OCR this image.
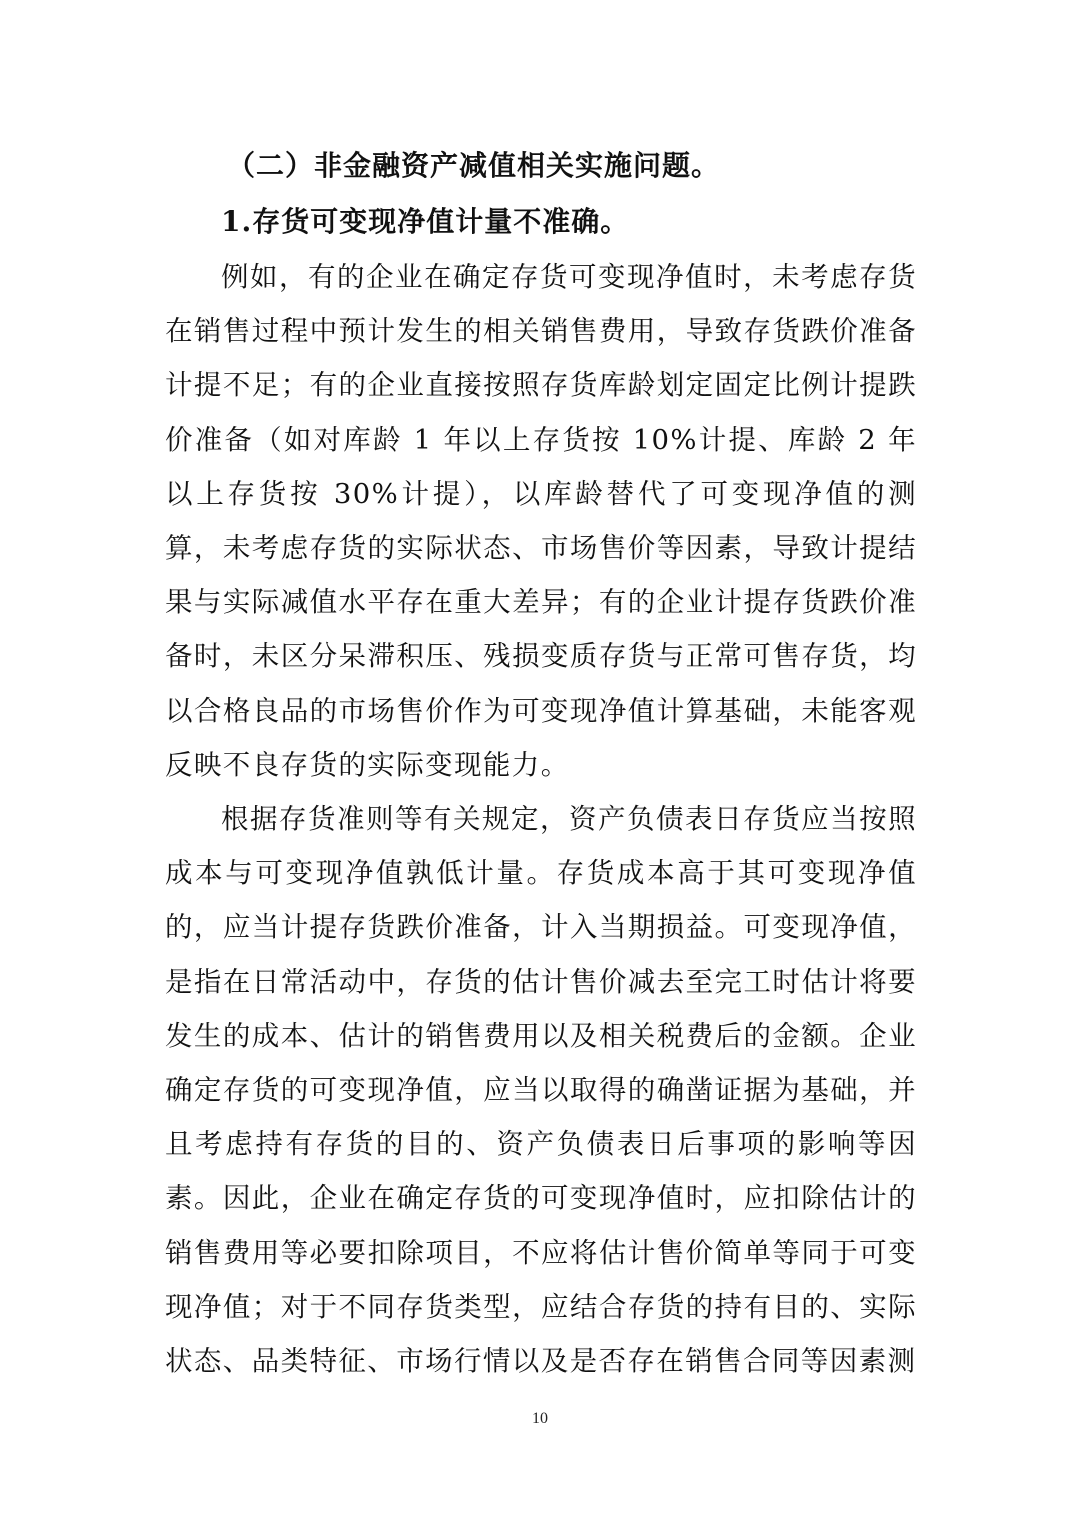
（二）非金融资产减值相关实施问题。
1.存货可变现净值计量不准确。

例如，有的企业在确定存货可变现净值时，未考虑存货在销售过程中预计发生的相关销售费用，导致存货跌价准备计提不足；有的企业直接按照存货库龄划定固定比例计提跌价准备（如对库龄 1 年以上存货按 10%计提、库龄 2 年以上存货按 30%计提），以库龄替代了可变现净值的测算，未考虑存货的实际状态、市场售价等因素，导致计提结果与实际减值水平存在重大差异；有的企业计提存货跌价准备时，未区分呆滞积压、残损变质存货与正常可售存货，均以合格良品的市场售价作为可变现净值计算基础，未能客观反映不良存货的实际变现能力。

根据存货准则等有关规定，资产负债表日存货应当按照成本与可变现净值孰低计量。存货成本高于其可变现净值的，应当计提存货跌价准备，计入当期损益。可变现净值，是指在日常活动中，存货的估计售价减去至完工时估计将要发生的成本、估计的销售费用以及相关税费后的金额。企业确定存货的可变现净值，应当以取得的确凿证据为基础，并且考虑持有存货的目的、资产负债表日后事项的影响等因素。因此，企业在确定存货的可变现净值时，应扣除估计的销售费用等必要扣除项目，不应将估计售价简单等同于可变现净值；对于不同存货类型，应结合存货的持有目的、实际状态、品类特征、市场行情以及是否存在销售合同等因素测

10
